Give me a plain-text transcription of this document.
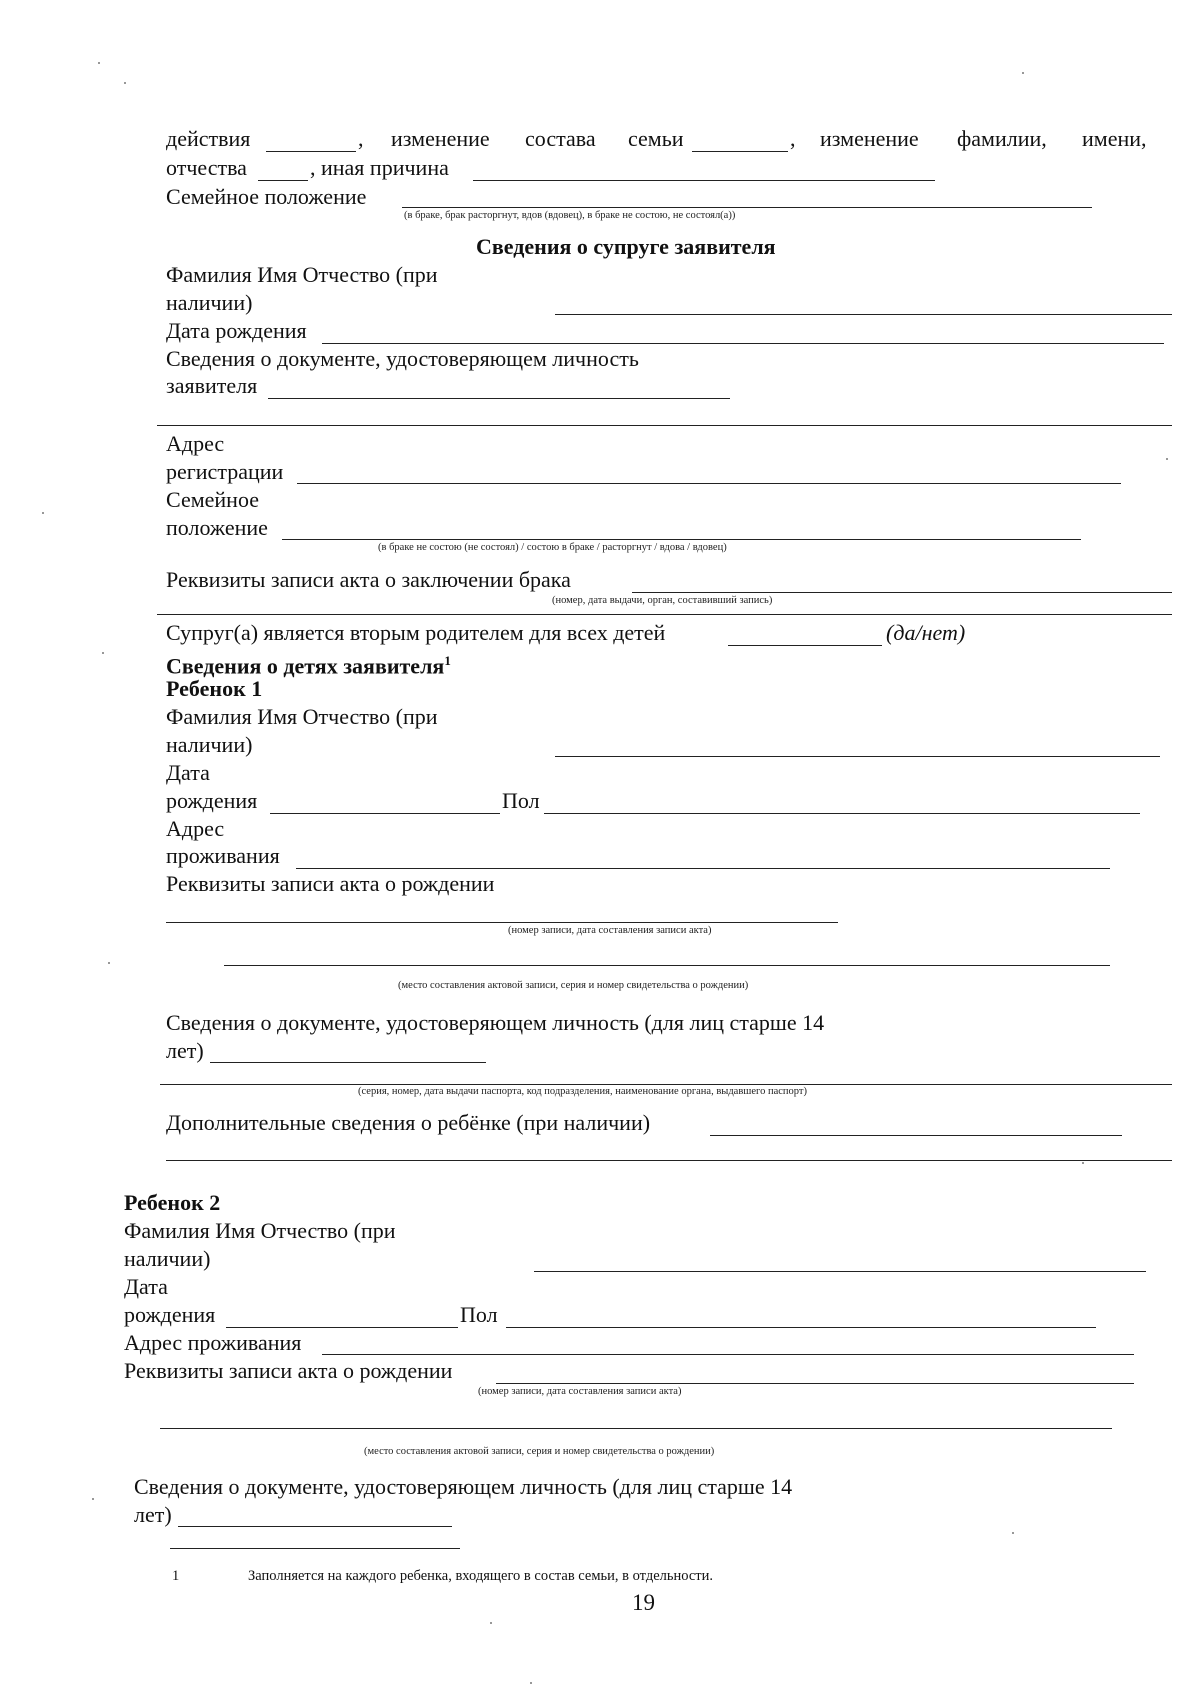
действия	, изменение состава семьи	, изменение фамилии, имени,
отчества	, иная причина
Семейное положение
(в браке, брак расторгнут, вдов (вдовец), в браке не состою, не состоял(а))
Сведения о супруге заявителя
Фамилия Имя Отчество (при
наличии)
Дата рождения
Сведения о документе, удостоверяющем личность
заявителя
Адрес
регистрации
Семейное
положение
(в браке не состою (не состоял) / состою в браке / расторгнут / вдова / вдовец)
Реквизиты записи акта о заключении брака
(номер, дата выдачи, орган, составивший запись)
Супруг(а) является вторым родителем для всех детей	(да/нет)
Сведения о детях заявителя$^1$
Ребенок 1
Фамилия Имя Отчество (при
наличии)
Дата
рождения	Пол
Адрес
проживания
Реквизиты записи акта о рождении
(номер записи, дата составления записи акта)
(место составления актовой записи, серия и номер свидетельства о рождении)
Сведения о документе, удостоверяющем личность (для лиц старше 14
лет)
(серия, номер, дата выдачи паспорта, код подразделения, наименование органа, выдавшего паспорт)
Дополнительные сведения о ребёнке (при наличии)
Ребенок 2
Фамилия Имя Отчество (при
наличии)
Дата
рождения	Пол
Адрес проживания
Реквизиты записи акта о рождении
(номер записи, дата составления записи акта)
(место составления актовой записи, серия и номер свидетельства о рождении)
Сведения о документе, удостоверяющем личность (для лиц старше 14
лет)
1	Заполняется на каждого ребенка, входящего в состав семьи, в отдельности.
19
